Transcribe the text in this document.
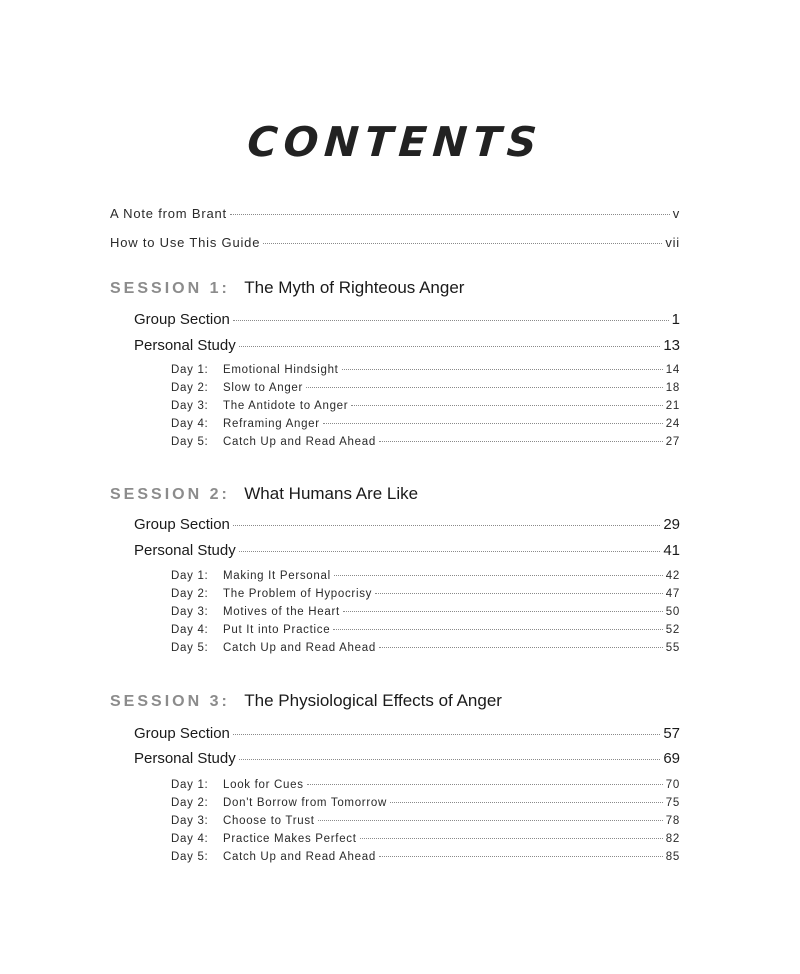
CONTENTS
A Note from Brant	v
How to Use This Guide	vii
SESSION 1: The Myth of Righteous Anger
Group Section	1
Personal Study	13
Day 1: Emotional Hindsight	14
Day 2: Slow to Anger	18
Day 3: The Antidote to Anger	21
Day 4: Reframing Anger	24
Day 5: Catch Up and Read Ahead	27
SESSION 2: What Humans Are Like
Group Section	29
Personal Study	41
Day 1: Making It Personal	42
Day 2: The Problem of Hypocrisy	47
Day 3: Motives of the Heart	50
Day 4: Put It into Practice	52
Day 5: Catch Up and Read Ahead	55
SESSION 3: The Physiological Effects of Anger
Group Section	57
Personal Study	69
Day 1: Look for Cues	70
Day 2: Don't Borrow from Tomorrow	75
Day 3: Choose to Trust	78
Day 4: Practice Makes Perfect	82
Day 5: Catch Up and Read Ahead	85
